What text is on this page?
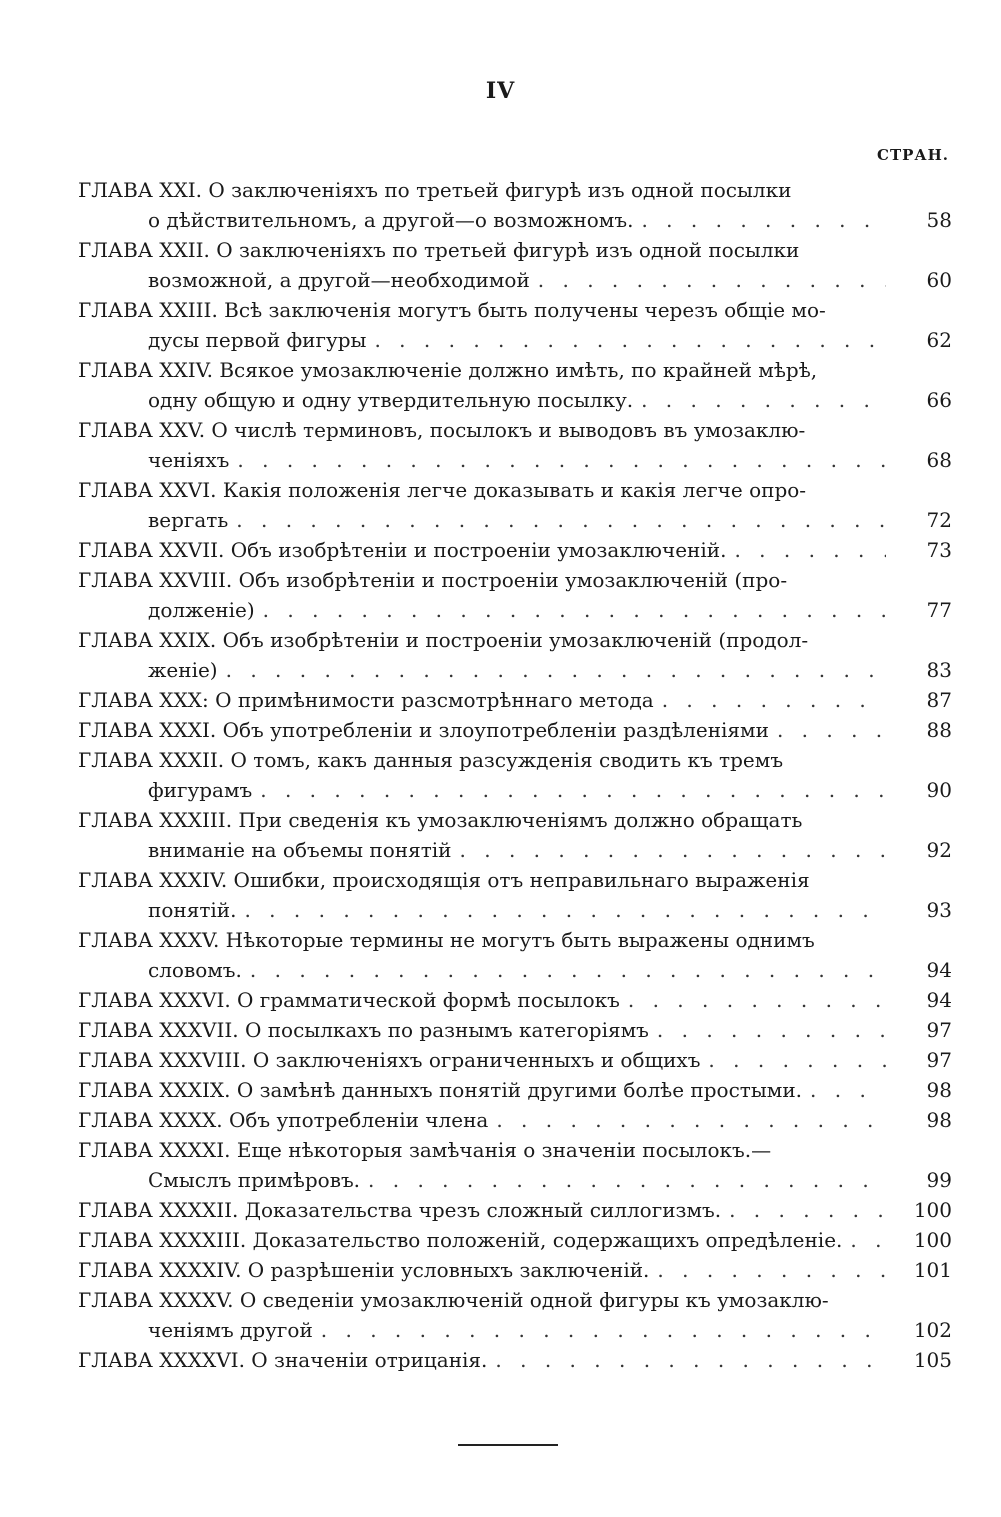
IV
СТРАН.
ГЛАВА XXI. О заключеніяхъ по третьей фигурѣ изъ одной посылки
о дѣйствительномъ, а другой—о возможномъ. . . .	58
ГЛАВА XXII. О заключеніяхъ по третьей фигурѣ изъ одной посылки
возможной, а другой—необходимой . . .	60
ГЛАВА XXIII. Всѣ заключенія могутъ быть получены черезъ общіе мо-
дусы первой фигуры . . .	62
ГЛАВА XXIV. Всякое умозаключеніе должно имѣть, по крайней мѣрѣ,
одну общую и одну утвердительную посылку. . . .	66
ГЛАВА XXV. О числѣ терминовъ, посылокъ и выводовъ въ умозаклю-
ченіяхъ . . .	68
ГЛАВА XXVI. Какія положенія легче доказывать и какія легче опро-
вергать . . .	72
ГЛАВА XXVII. Объ изобрѣтеніи и построеніи умозаключеній. . . .	73
ГЛАВА XXVIII. Объ изобрѣтеніи и построеніи умозаключеній (про-
долженіе) . . .	77
ГЛАВА XXIX. Объ изобрѣтеніи и построеніи умозаключеній (продол-
женіе) . . .	83
ГЛАВА XXX: О примѣнимости разсмотрѣннаго метода . . .	87
ГЛАВА XXXI. Объ употребленіи и злоупотребленіи раздѣленіями . . .	88
ГЛАВА XXXII. О томъ, какъ данныя разсужденія сводить къ тремъ
фигурамъ . . .	90
ГЛАВА XXXIII. При сведенія къ умозаключеніямъ должно обращать
вниманіе на объемы понятій . . .	92
ГЛАВА XXXIV. Ошибки, происходящія отъ неправильнаго выраженія
понятій. . . .	93
ГЛАВА XXXV. Нѣкоторые термины не могутъ быть выражены однимъ
словомъ. . . .	94
ГЛАВА XXXVI. О грамматической формѣ посылокъ . . .	94
ГЛАВА XXXVII. О посылкахъ по разнымъ категоріямъ . . .	97
ГЛАВА XXXVIII. О заключеніяхъ ограниченныхъ и общихъ . . .	97
ГЛАВА XXXIX. О замѣнѣ данныхъ понятій другими болѣе простыми. . . .	98
ГЛАВА XXXX. Объ употребленіи члена . . .	98
ГЛАВА XXXXI. Еще нѣкоторыя замѣчанія о значеніи посылокъ.—
Смыслъ примѣровъ. . . .	99
ГЛАВА XXXXII. Доказательства чрезъ сложный силлогизмъ. . . .	100
ГЛАВА XXXXIII. Доказательство положеній, содержащихъ опредѣленіе. . . .	100
ГЛАВА XXXXIV. О разрѣшеніи условныхъ заключеній. . . .	101
ГЛАВА XXXXV. О сведеніи умозаключеній одной фигуры къ умозаклю-
ченіямъ другой . . .	102
ГЛАВА XXXXVI. О значеніи отрицанія. . . .	105
